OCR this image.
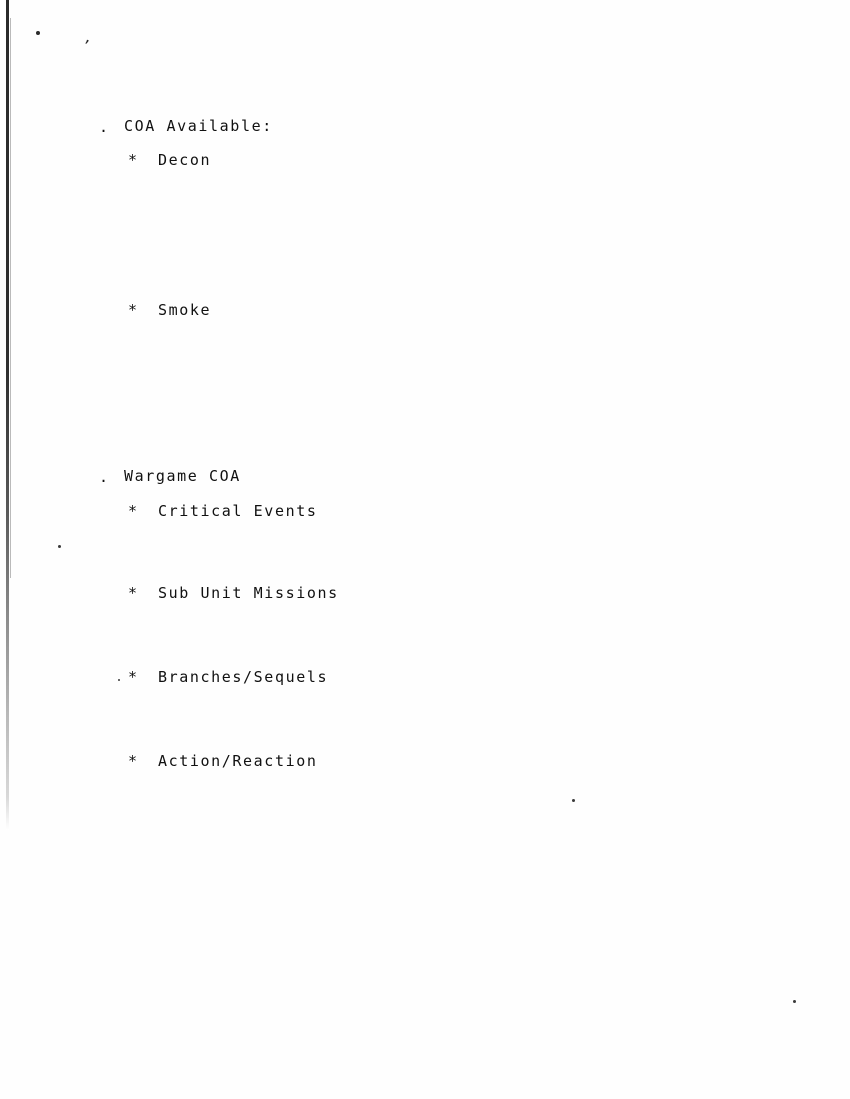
,
. COA Available:
* Decon
* Smoke
. Wargame COA
* Critical Events
* Sub Unit Missions
* Branches/Sequels
* Action/Reaction
